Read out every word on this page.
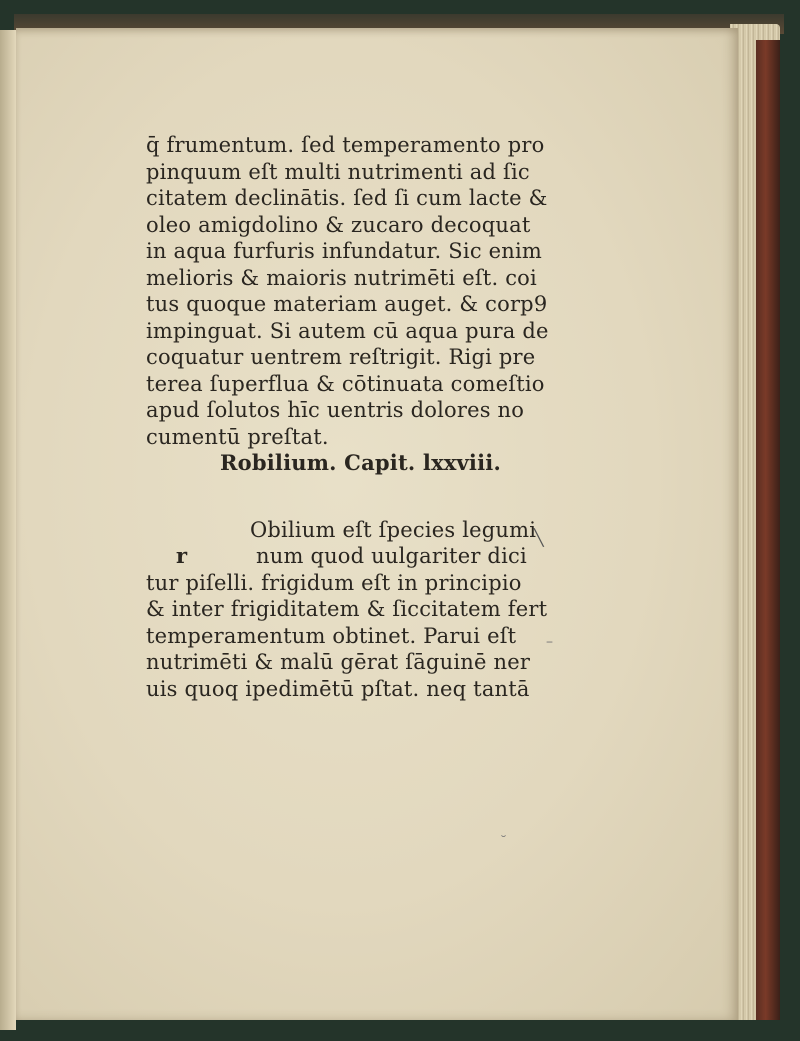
q̄ frumentum. ſed temperamento pro
pinquum eſt multi nutrimenti ad ſic
citatem declinātis. ſed ſi cum lacte &
oleo amigdolino & zucaro decoquat
in aqua furfuris infundatur. Sic enim
melioris & maioris nutrimēti eſt. coi
tus quoque materiam auget. & corp9
impinguat. Si autem cū aqua pura de
coquatur uentrem reſtrigit. Rigi pre
terea ſuperflua & cōtinuata comeſtio
apud ſolutos hīc uentris dolores no
cumentū preſtat.
Robilium. Capit. lxxviii.
Obilium eſt ſpecies legumi
r	num quod uulgariter dici
tur piſelli. frigidum eſt in principio
& inter frigiditatem & ſiccitatem fert
temperamentum obtinet. Parui eſt
nutrimēti & malū gērat ſāguinē ner
uis quoq ipedimētū pſtat. neq tantā
╲
–
˘
